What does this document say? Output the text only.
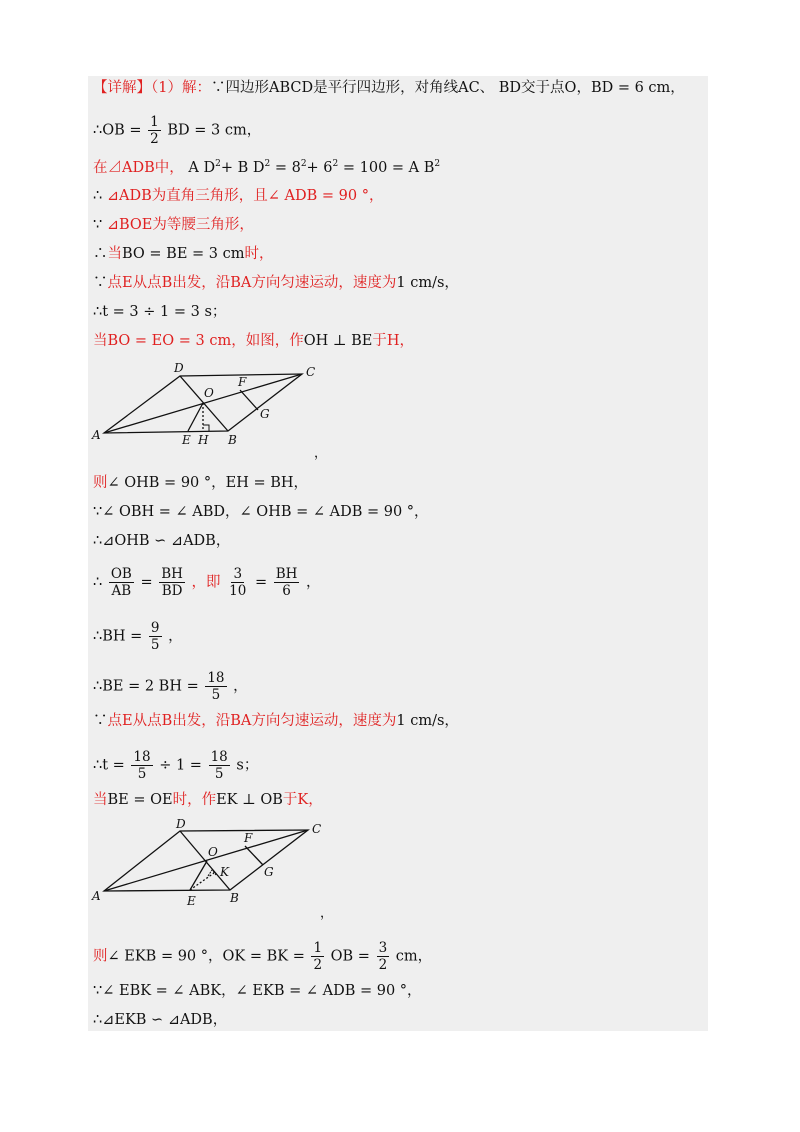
【详解】（1）解：∵四边形ABCD是平行四边形，对角线AC、 BD交于点O，BD = 6 cm，
∴OB = $\frac{1}{2}$ BD = 3 cm，
在⊿ADB中， A $D^2+ B$ $D^2 = 8^2+ 6^2 = 100 = A$ $B^2$
∴ ⊿ADB为直角三角形，且∠ ADB = 90 °，
∵ ⊿BOE为等腰三角形，
∴当BO = BE = 3 cm时，
∵点E从点B出发，沿BA方向匀速运动，速度为1 cm/s，
∴t = 3 ÷ 1 = 3 s；
当BO = EO = 3 cm，如图，作OH ⊥ BE于H，
A	B
C
D
O
E H
F
G
，
则∠ OHB = 90 °，EH = BH，
∵∠ OBH = ∠ ABD，∠ OHB = ∠ ADB = 90 °，
∴⊿OHB ∽ ⊿ADB，
∴ $\frac{OB}{AB} = \frac{BH}{BD}$ ，即 $\frac{3}{10} = \frac{BH}{6}$ ，
∴BH = $\frac{9}{5}$ ，
∴BE = 2 BH = $\frac{18}{5}$ ，
∵点E从点B出发，沿BA方向匀速运动，速度为1 cm/s，
∴t = $\frac{18}{5} \div 1 = \frac{18}{5}$ s；
当BE = OE时，作EK ⊥ OB于K，
A	B
C
D
O
E
K
F
G
，
则∠ EKB = 90 °，OK = BK = $\frac{1}{2}$ OB = $\frac{3}{2}$ cm，
∵∠ EBK = ∠ ABK，∠ EKB = ∠ ADB = 90 °，
∴⊿EKB ∽ ⊿ADB，
